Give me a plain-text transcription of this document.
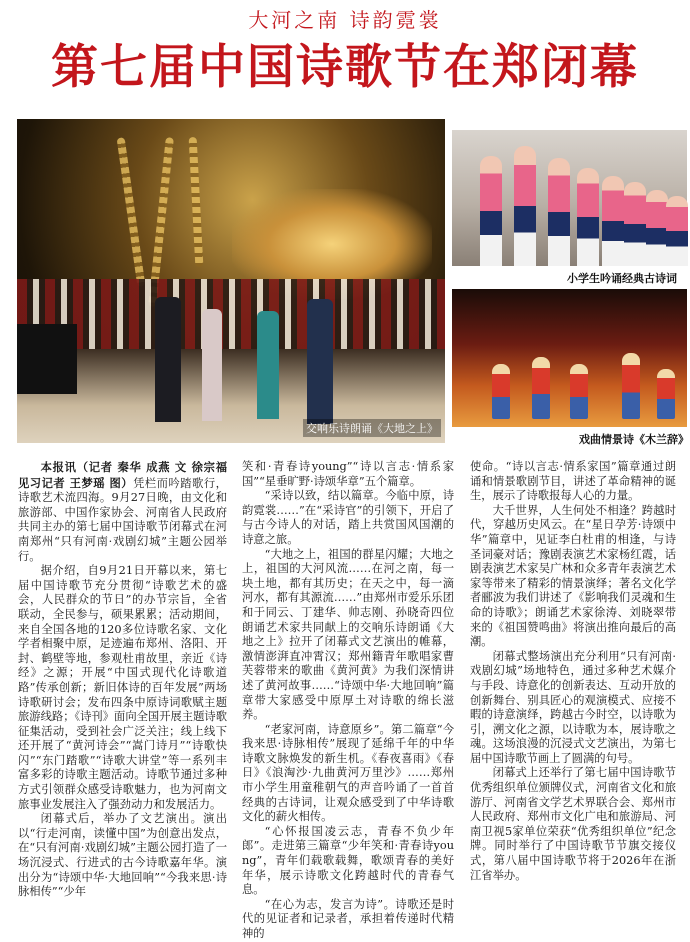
大河之南 诗韵霓裳
第七届中国诗歌节在郑闭幕
交响乐诗朗诵《大地之上》
小学生吟诵经典古诗词
戏曲情景诗《木兰辞》

本报讯（记者 秦华 成燕 文 徐宗福 见习记者 王梦瑶 图）凭栏而吟踏歌行，诗歌艺术流四海。9月27日晚，由文化和旅游部、中国作家协会、河南省人民政府共同主办的第七届中国诗歌节闭幕式在河南郑州“只有河南·戏剧幻城”主题公园举行。

据介绍，自9月21日开幕以来，第七届中国诗歌节充分贯彻“诗歌艺术的盛会，人民群众的节日”的办节宗旨，全省联动，全民参与，硕果累累；活动期间，来自全国各地的120多位诗歌名家、文化学者相聚中原，足迹遍布郑州、洛阳、开封、鹤壁等地，参观杜甫故里，亲近《诗经》之源；开展“中国式现代化诗歌道路”传承创新；新旧体诗的百年发展”两场诗歌研讨会；发布四条中原诗词歌赋主题旅游线路；《诗刊》面向全国开展主题诗歌征集活动，受到社会广泛关注；线上线下还开展了“黄河诗会”“嵩门诗月”“诗歌快闪”“东门踏歌”“诗歌大讲堂”等一系列丰富多彩的诗歌主题活动。诗歌节通过多种方式引领群众感受诗歌魅力，也为河南文旅事业发展注入了强劲动力和发展活力。

闭幕式后，举办了文艺演出。演出以“行走河南，读懂中国”为创意出发点，在“只有河南·戏剧幻城”主题公园打造了一场沉浸式、行进式的古今诗歌嘉年华。演出分为“诗颂中华·大地回响”“今我来思·诗脉相传”“少年

笑和·青春诗young”“诗以言志·情系家国”“星垂旷野·诗颂华章”五个篇章。

“采诗以致，结以篇章。今临中原，诗韵霓裳……”在“采诗官”的引领下，开启了与古今诗人的对话，踏上共赏国风国潮的诗意之旅。

“大地之上，祖国的群星闪耀；大地之上，祖国的大河风流……在河之南，每一块土地，都有其历史；在天之中，每一滴河水，都有其源流……”由郑州市爱乐乐团和于同云、丁建华、帅志刚、孙晓奇四位朗诵艺术家共同献上的交响乐诗朗诵《大地之上》拉开了闭幕式文艺演出的帷幕，激情澎湃直冲霄汉；郑州籍青年歌唱家曹芙蓉带来的歌曲《黄河黄》为我们深情讲述了黄河故事……“诗颂中华·大地回响”篇章带大家感受中原厚土对诗歌的绵长滋养。

“老家河南，诗意原乡”。第二篇章“今我来思·诗脉相传”展现了延绵千年的中华诗歌文脉焕发的新生机。《春夜喜雨》《春日》《浪淘沙·九曲黄河万里沙》……郑州市小学生用童稚朝气的声音吟诵了一首首经典的古诗词，让观众感受到了中华诗歌文化的薪火相传。

“心怀报国凌云志，青春不负少年郎”。走进第三篇章“少年笑和·青春诗young”，青年们载歌载舞，歌颂青春的美好年华，展示诗歌文化跨越时代的青春气息。

“在心为志，发言为诗”。诗歌还是时代的见证者和记录者，承担着传递时代精神的

使命。“诗以言志·情系家国”篇章通过朗诵和情景歌剧节目，讲述了革命精神的诞生，展示了诗歌报每人心的力量。

大千世界，人生何处不相逢？跨越时代，穿越历史风云。在“星日孕芳·诗颂中华”篇章中，见证李白杜甫的相逢，与诗圣词豪对话；豫剧表演艺术家杨红霞，话剧表演艺术家吴广林和众多青年表演艺术家等带来了精彩的情景演绎；著名文化学者郦波为我们讲述了《影响我们灵魂和生命的诗歌》；朗诵艺术家徐涛、刘晓翠带来的《祖国赞鸣曲》将演出推向最后的高潮。

闭幕式整场演出充分利用“只有河南·戏剧幻城”场地特色，通过多种艺术媒介与手段、诗意化的创新表达、互动开放的创新舞台、别具匠心的观演模式、应接不暇的诗意演绎，跨越古今时空，以诗歌为引，溯文化之源，以诗歌为本，展诗歌之魂。这场浪漫的沉浸式文艺演出，为第七届中国诗歌节画上了圆满的句号。

闭幕式上还举行了第七届中国诗歌节优秀组织单位颁牌仪式，河南省文化和旅游厅、河南省文学艺术界联合会、郑州市人民政府、郑州市文化广电和旅游局、河南卫视5家单位荣获“优秀组织单位”纪念牌。同时举行了中国诗歌节节旗交接仪式，第八届中国诗歌节将于2026年在浙江省举办。
